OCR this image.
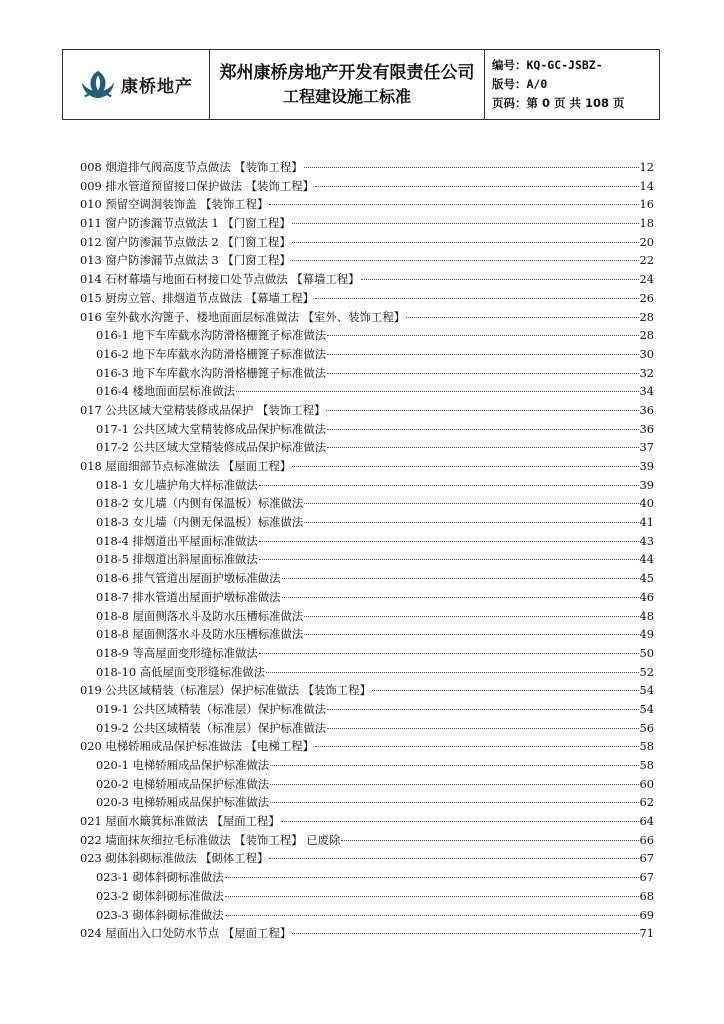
康桥地产
郑州康桥房地产开发有限责任公司
工程建设施工标准
编号：KQ-GC-JSBZ-
版号：A/0
页码：第 0 页 共 108 页
008 烟道排气阀高度节点做法 【装饰工程】	12
009 排水管道预留接口保护做法 【装饰工程】	14
010 预留空调洞装饰盖 【装饰工程】	16
011 窗户防渗漏节点做法 1 【门窗工程】	18
012 窗户防渗漏节点做法 2 【门窗工程】	20
013 窗户防渗漏节点做法 3 【门窗工程】	22
014 石材幕墙与地面石材接口处节点做法 【幕墙工程】	24
015 厨房立管、排烟道节点做法 【幕墙工程】	26
016 室外截水沟篦子、楼地面面层标准做法 【室外、装饰工程】	28
016-1 地下车库截水沟防滑格栅篦子标准做法	28
016-2 地下车库截水沟防滑格栅篦子标准做法	30
016-3 地下车库截水沟防滑格栅篦子标准做法	32
016-4 楼地面面层标准做法	34
017 公共区域大堂精装修成品保护 【装饰工程】	36
017-1 公共区域大堂精装修成品保护标准做法	36
017-2 公共区域大堂精装修成品保护标准做法	37
018 屋面细部节点标准做法 【屋面工程】	39
018-1 女儿墙护角大样标准做法	39
018-2 女儿墙（内侧有保温板）标准做法	40
018-3 女儿墙（内侧无保温板）标准做法	41
018-4 排烟道出平屋面标准做法	43
018-5 排烟道出斜屋面标准做法	44
018-6 排气管道出屋面护墩标准做法	45
018-7 排水管道出屋面护墩标准做法	46
018-8 屋面侧落水斗及防水压槽标准做法	48
018-8 屋面侧落水斗及防水压槽标准做法	49
018-9 等高屋面变形缝标准做法	50
018-10 高低屋面变形缝标准做法	52
019 公共区域精装（标准层）保护标准做法 【装饰工程】	54
019-1 公共区域精装（标准层）保护标准做法	54
019-2 公共区域精装（标准层）保护标准做法	56
020 电梯轿厢成品保护标准做法 【电梯工程】	58
020-1 电梯轿厢成品保护标准做法	58
020-2 电梯轿厢成品保护标准做法	60
020-3 电梯轿厢成品保护标准做法	62
021 屋面水簸箕标准做法 【屋面工程】	64
022 墙面抹灰细拉毛标准做法 【装饰工程】 已废除	66
023 砌体斜砌标准做法 【砌体工程】	67
023-1 砌体斜砌标准做法	67
023-2 砌体斜砌标准做法	68
023-3 砌体斜砌标准做法	69
024 屋面出入口处防水节点 【屋面工程】	71
